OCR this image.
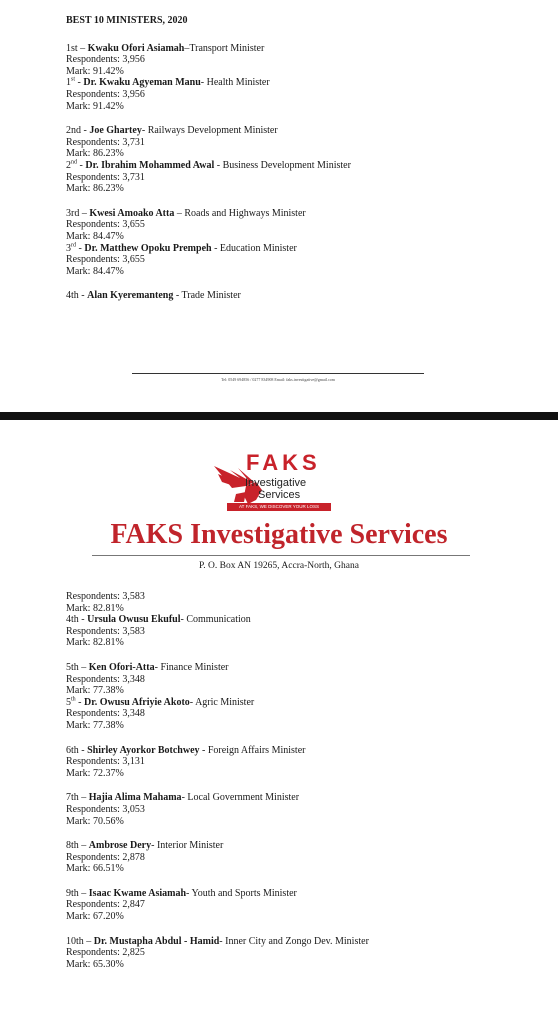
BEST 10 MINISTERS, 2020
1st – Kwaku Ofori Asiamah–Transport Minister
Respondents: 3,956
Mark: 91.42%
1st - Dr. Kwaku Agyeman Manu- Health Minister
Respondents: 3,956
Mark: 91.42%
2nd - Joe Ghartey- Railways Development Minister
Respondents: 3,731
Mark: 86.23%
2nd - Dr. Ibrahim Mohammed Awal - Business Development Minister
Respondents: 3,731
Mark: 86.23%
3rd – Kwesi Amoako Atta – Roads and Highways Minister
Respondents: 3,655
Mark: 84.47%
3rd - Dr. Matthew Opoku Prempeh - Education Minister
Respondents: 3,655
Mark: 84.47%
4th - Alan Kyeremanteng - Trade Minister
Tel: 0549 694856 / 0277 834908 Email: faks.investigative@gmail.com
FAKS
Investigative
Services
AT FAKS, WE DISCOVER YOUR LOSS
FAKS Investigative Services
P. O. Box AN 19265, Accra-North, Ghana
Respondents: 3,583
Mark: 82.81%
4th - Ursula Owusu Ekuful- Communication
Respondents: 3,583
Mark: 82.81%
5th – Ken Ofori-Atta- Finance Minister
Respondents: 3,348
Mark: 77.38%
5th - Dr. Owusu Afriyie Akoto- Agric Minister
Respondents: 3,348
Mark: 77.38%
6th - Shirley Ayorkor Botchwey - Foreign Affairs Minister
Respondents: 3,131
Mark: 72.37%
7th – Hajia Alima Mahama- Local Government Minister
Respondents: 3,053
Mark: 70.56%
8th – Ambrose Dery- Interior Minister
Respondents: 2,878
Mark: 66.51%
9th – Isaac Kwame Asiamah- Youth and Sports Minister
Respondents: 2,847
Mark: 67.20%
10th – Dr. Mustapha Abdul - Hamid- Inner City and Zongo Dev. Minister
Respondents: 2,825
Mark: 65.30%
